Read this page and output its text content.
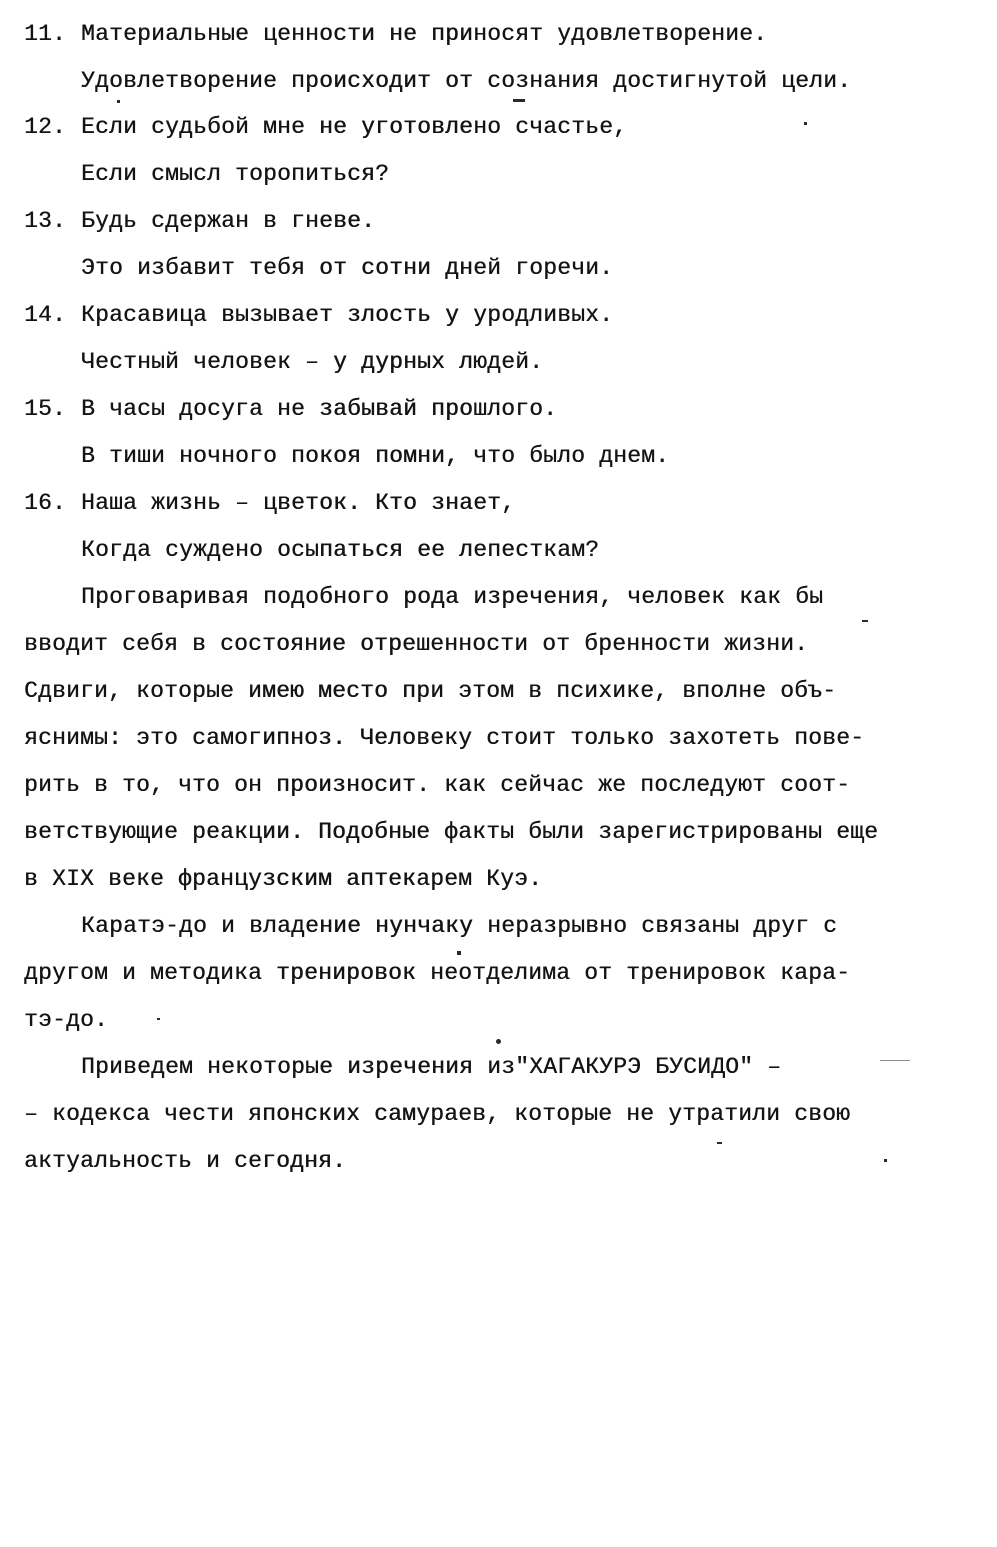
11. Материальные ценности не приносят удовлетворение.
Удовлетворение происходит от сознания достигнутой цели.
12. Если судьбой мне не уготовлено счастье,
Если смысл торопиться?
13. Будь сдержан в гневе.
Это избавит тебя от сотни дней горечи.
14. Красавица вызывает злость у уродливых.
Честный человек – у дурных людей.
15. В часы досуга не забывай прошлого.
В тиши ночного покоя помни, что было днем.
16. Наша жизнь – цветок. Кто знает,
Когда суждено осыпаться ее лепесткам?
Проговаривая подобного рода изречения, человек как бы
вводит себя в состояние отрешенности от бренности жизни.
Сдвиги, которые имею место при этом в психике, вполне объ-
яснимы: это самогипноз. Человеку стоит только захотеть пове-
рить в то, что он произносит. как сейчас же последуют соот-
ветствующие реакции. Подобные факты были зарегистрированы еще
в XIX веке французским аптекарем Куэ.
Каратэ-до и владение нунчаку неразрывно связаны друг с
другом и методика тренировок неотделима от тренировок кара-
тэ-до.
Приведем некоторые изречения из"ХАГАКУРЭ БУСИДО" –
– кодекса чести японских самураев, которые не утратили свою
актуальность и сегодня.
